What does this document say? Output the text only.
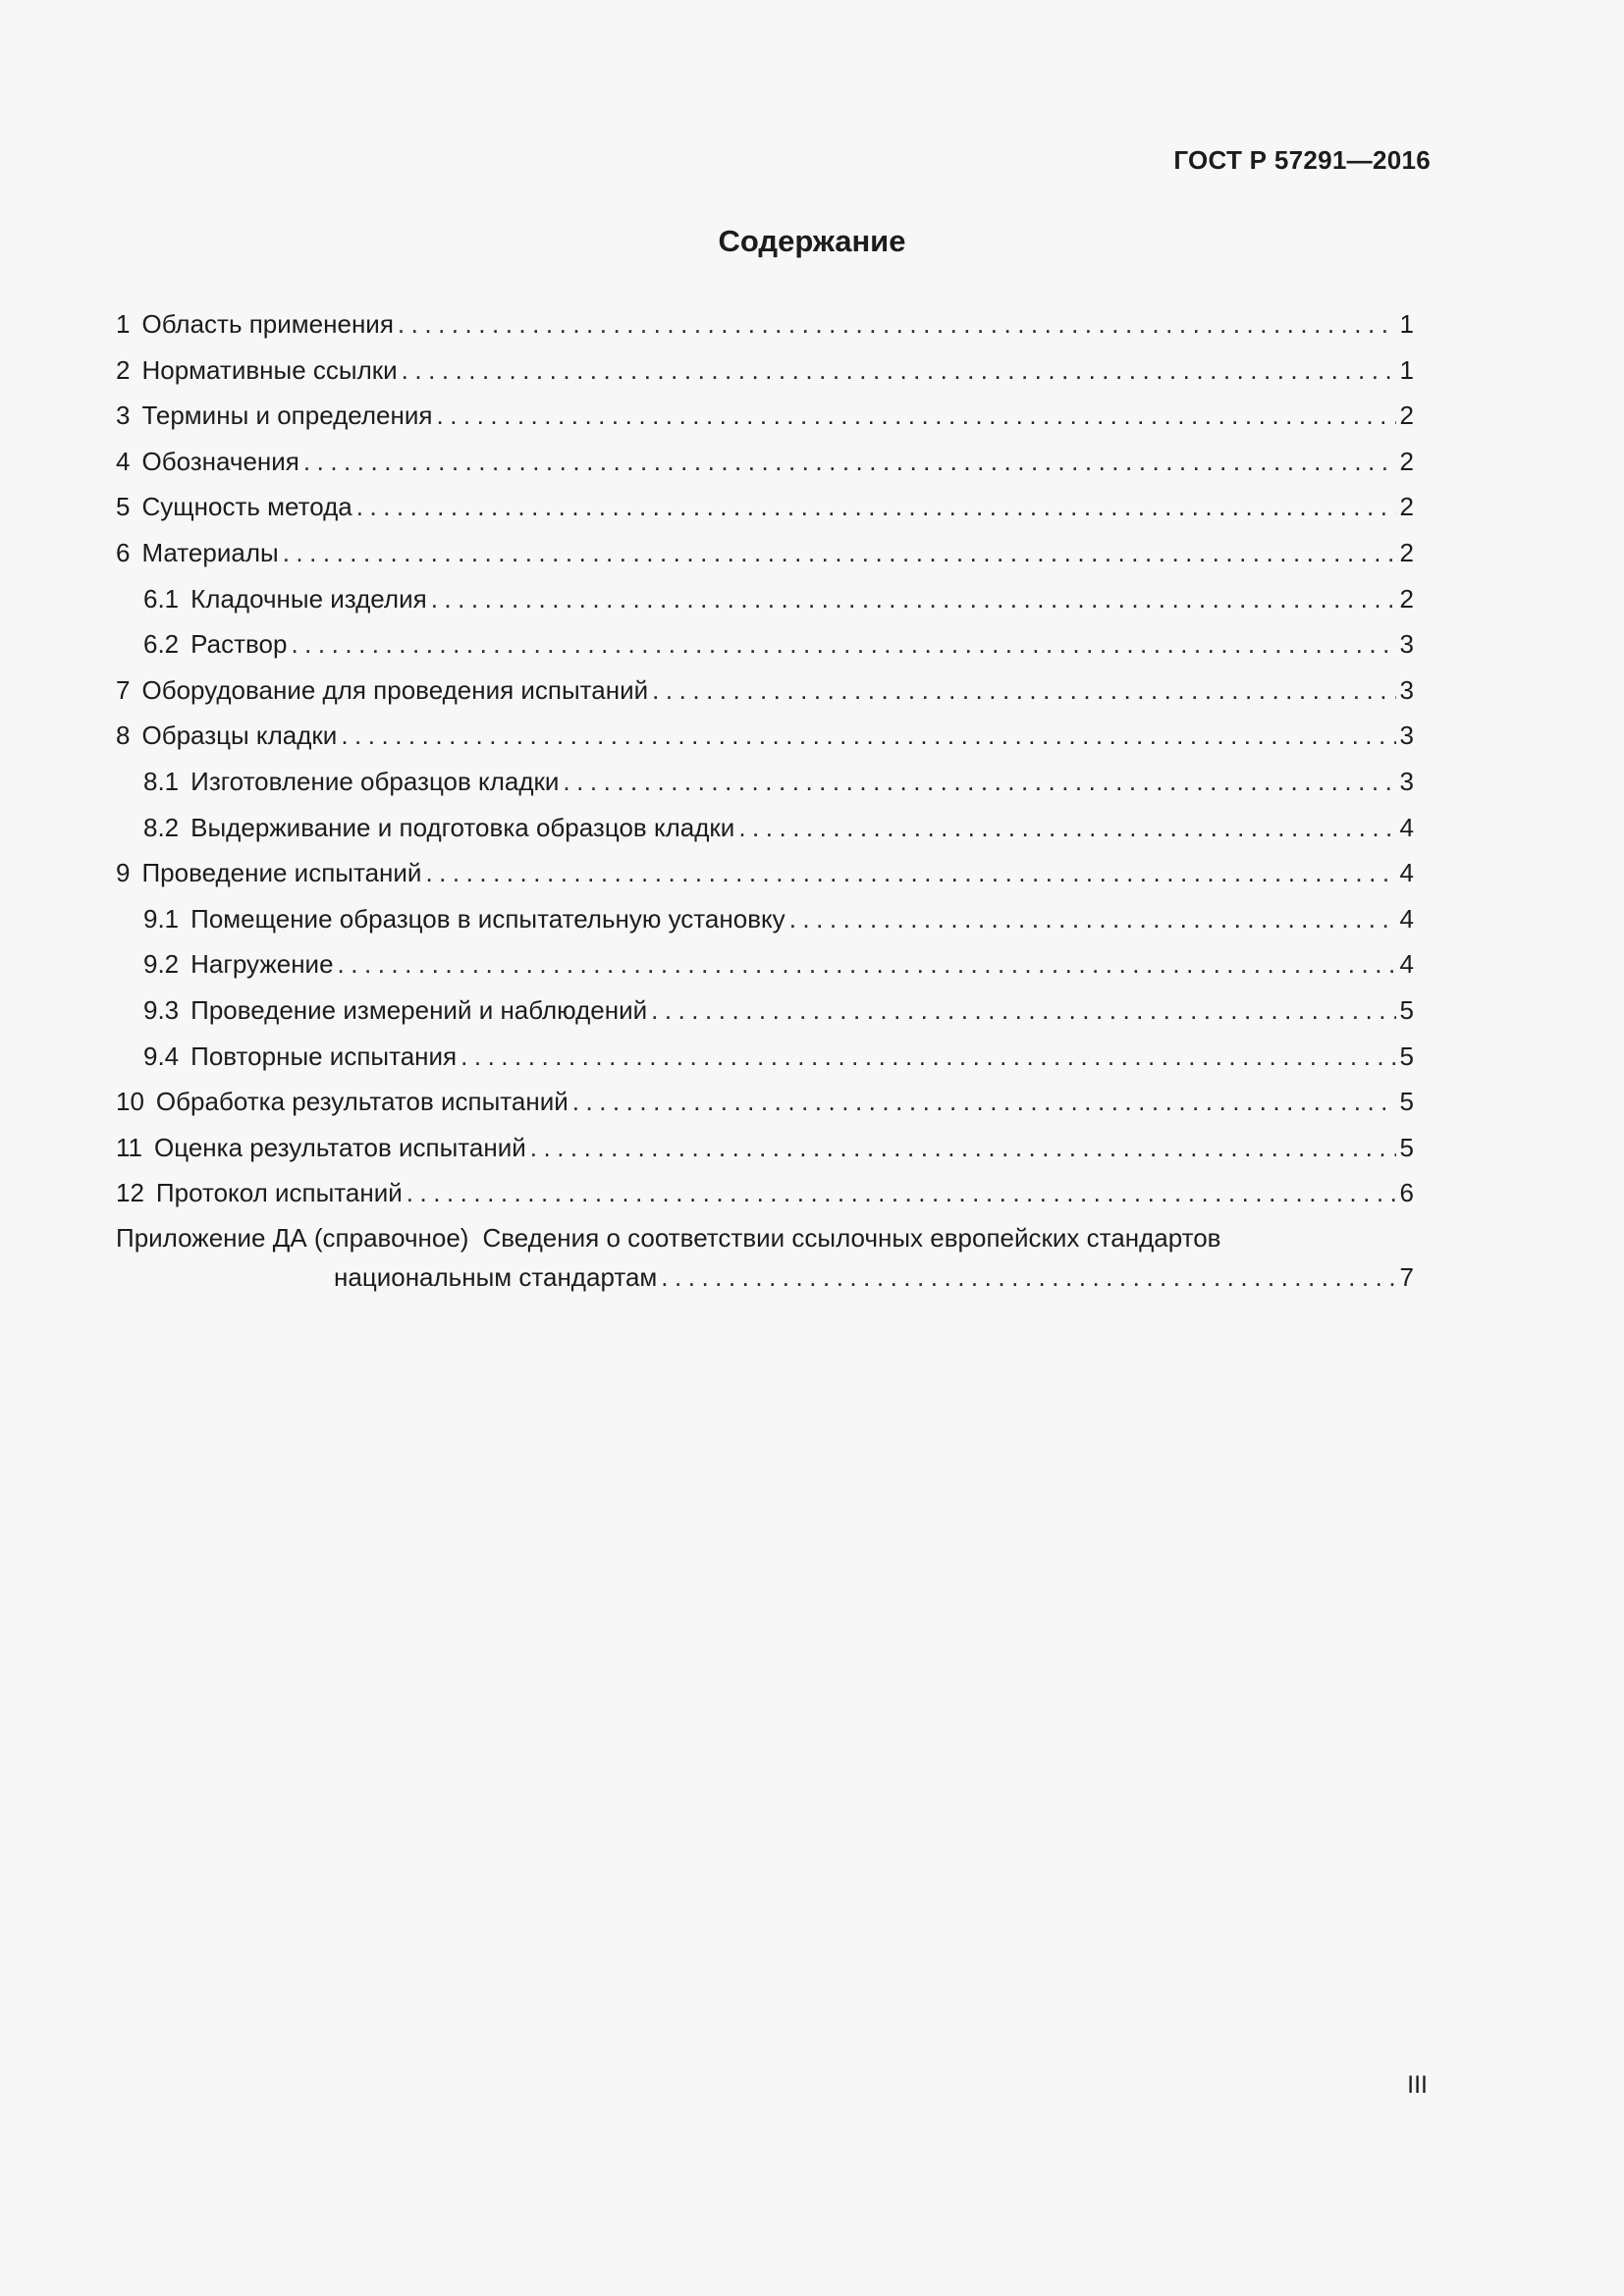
ГОСТ Р 57291—2016
Содержание
1 Область применения .....	1
2 Нормативные ссылки .....	1
3 Термины и определения .....	2
4 Обозначения .....	2
5 Сущность метода .....	2
6 Материалы .....	2
6.1 Кладочные изделия .....	2
6.2 Раствор .....	3
7 Оборудование для проведения испытаний .....	3
8 Образцы кладки .....	3
8.1 Изготовление образцов кладки .....	3
8.2 Выдерживание и подготовка образцов кладки .....	4
9 Проведение испытаний .....	4
9.1 Помещение образцов в испытательную установку .....	4
9.2 Нагружение .....	4
9.3 Проведение измерений и наблюдений .....	5
9.4 Повторные испытания .....	5
10 Обработка результатов испытаний .....	5
11 Оценка результатов испытаний .....	5
12 Протокол испытаний .....	6
Приложение ДА (справочное) Сведения о соответствии ссылочных европейских стандартов
национальным стандартам .....	7
III
